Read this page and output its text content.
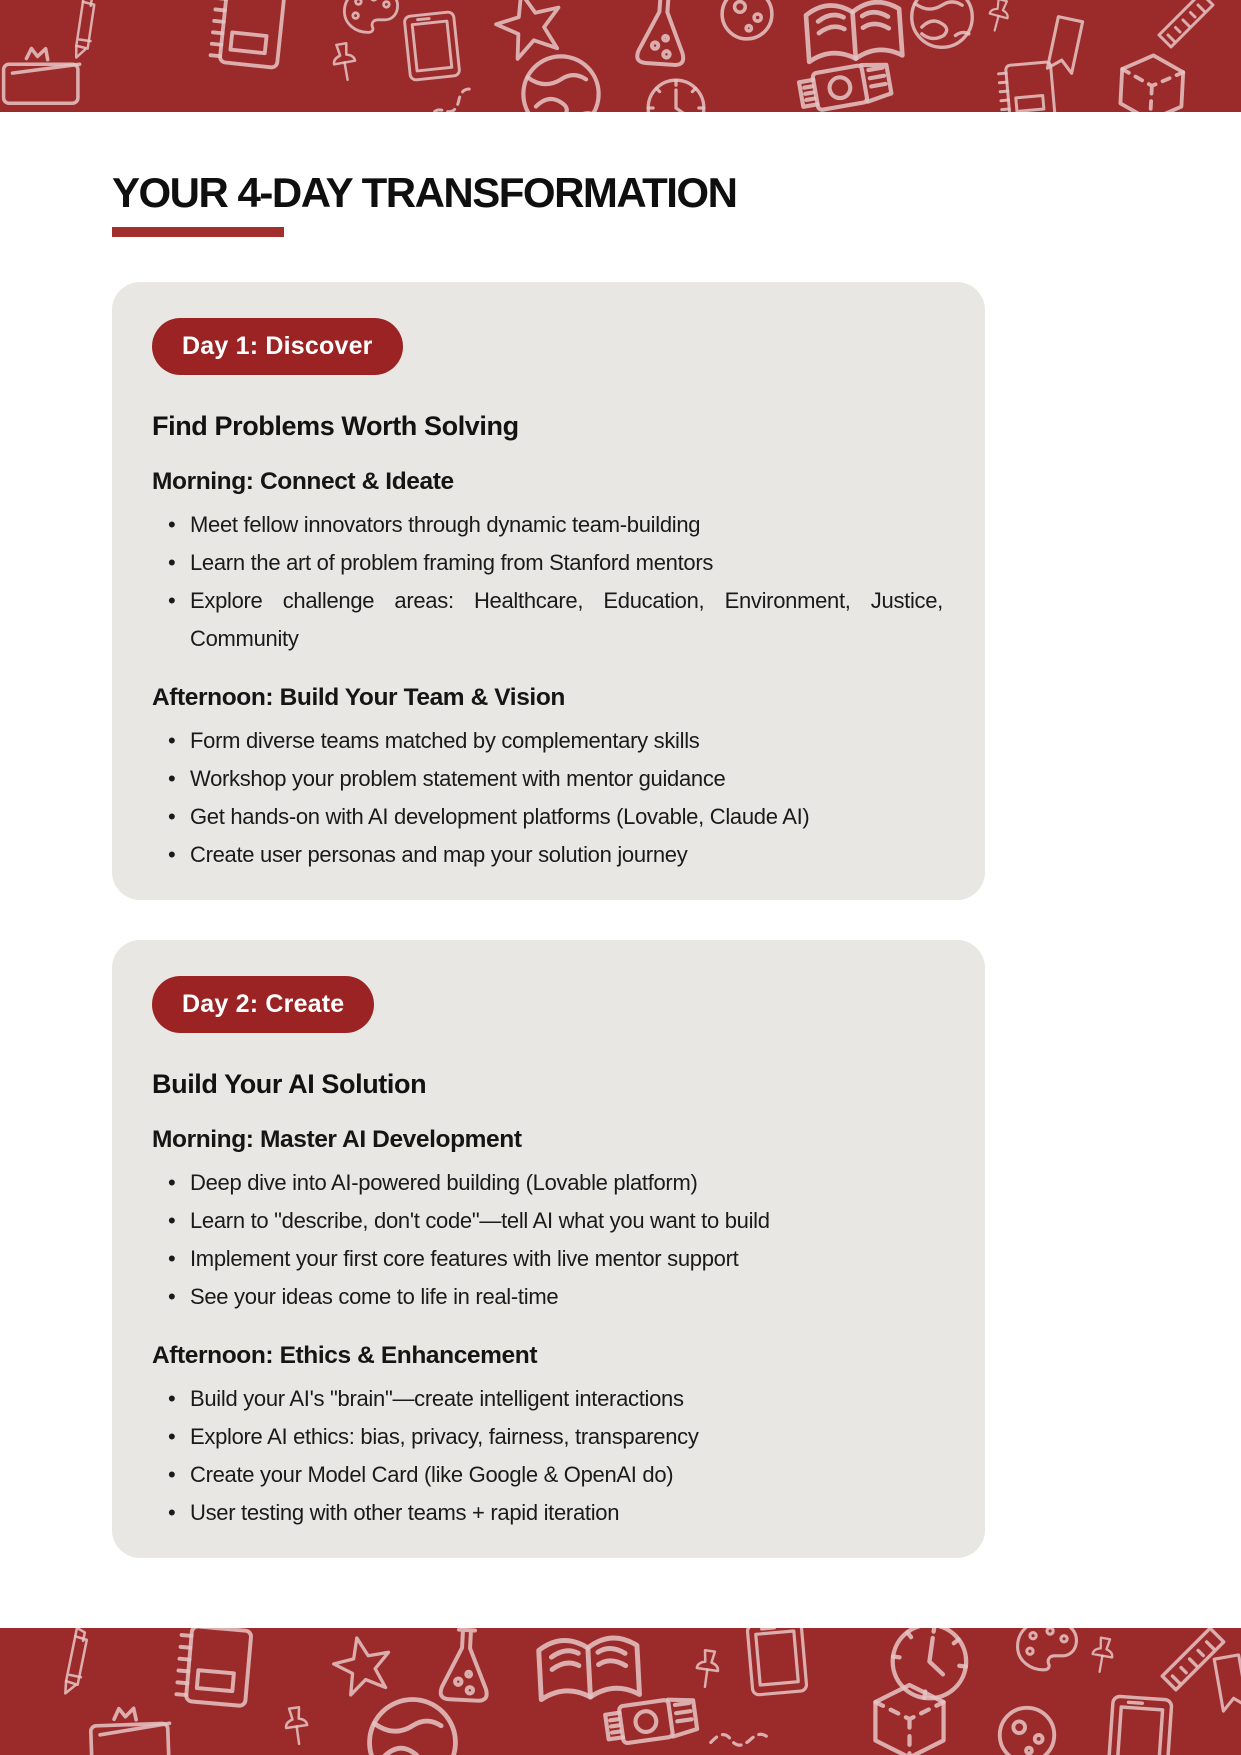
YOUR 4-DAY TRANSFORMATION
Day 1: Discover
Find Problems Worth Solving
Morning: Connect & Ideate
• Meet fellow innovators through dynamic team-building
• Learn the art of problem framing from Stanford mentors
• Explore challenge areas: Healthcare, Education, Environment, Justice, Community
Afternoon: Build Your Team & Vision
• Form diverse teams matched by complementary skills
• Workshop your problem statement with mentor guidance
• Get hands-on with AI development platforms (Lovable, Claude AI)
• Create user personas and map your solution journey
Day 2: Create
Build Your AI Solution
Morning: Master AI Development
• Deep dive into AI-powered building (Lovable platform)
• Learn to "describe, don't code"—tell AI what you want to build
• Implement your first core features with live mentor support
• See your ideas come to life in real-time
Afternoon: Ethics & Enhancement
• Build your AI's "brain"—create intelligent interactions
• Explore AI ethics: bias, privacy, fairness, transparency
• Create your Model Card (like Google & OpenAI do)
• User testing with other teams + rapid iteration
